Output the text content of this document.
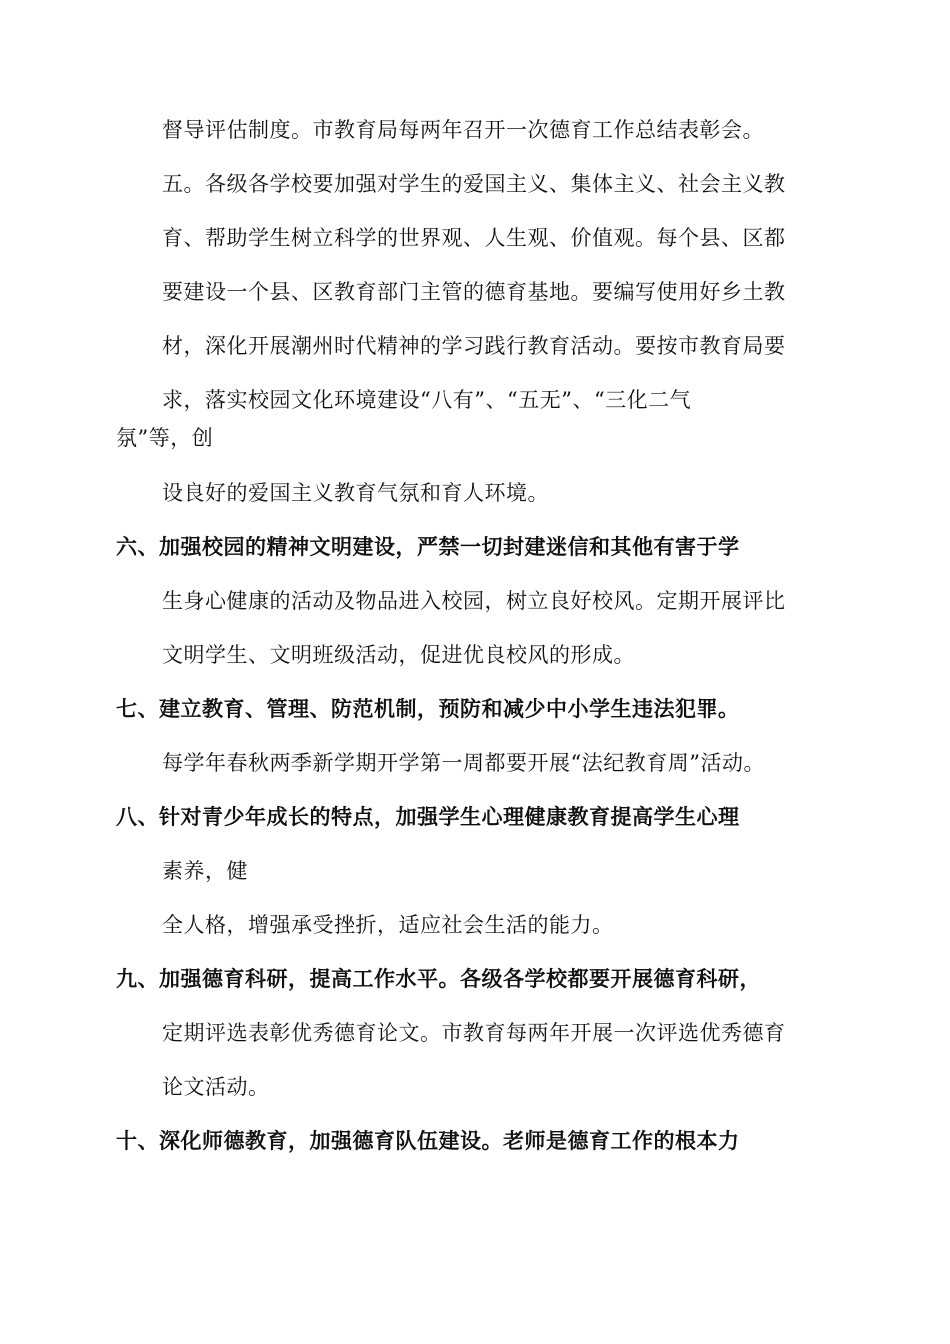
督导评估制度。市教育局每两年召开一次德育工作总结表彰会。
五。各级各学校要加强对学生的爱国主义、集体主义、社会主义教
育、帮助学生树立科学的世界观、人生观、价值观。每个县、区都
要建设一个县、区教育部门主管的德育基地。要编写使用好乡土教
材，深化开展潮州时代精神的学习践行教育活动。要按市教育局要
求，落实校园文化环境建设“八有”、“五无”、“三化二气
氛”等，创
设良好的爱国主义教育气氛和育人环境。
六、加强校园的精神文明建设，严禁一切封建迷信和其他有害于学
生身心健康的活动及物品进入校园，树立良好校风。定期开展评比
文明学生、文明班级活动，促进优良校风的形成。
七、建立教育、管理、防范机制，预防和减少中小学生违法犯罪。
每学年春秋两季新学期开学第一周都要开展“法纪教育周”活动。
八、针对青少年成长的特点，加强学生心理健康教育提高学生心理
素养，健
全人格，增强承受挫折，适应社会生活的能力。
九、加强德育科研，提高工作水平。各级各学校都要开展德育科研，
定期评选表彰优秀德育论文。市教育每两年开展一次评选优秀德育
论文活动。
十、深化师德教育，加强德育队伍建设。老师是德育工作的根本力
